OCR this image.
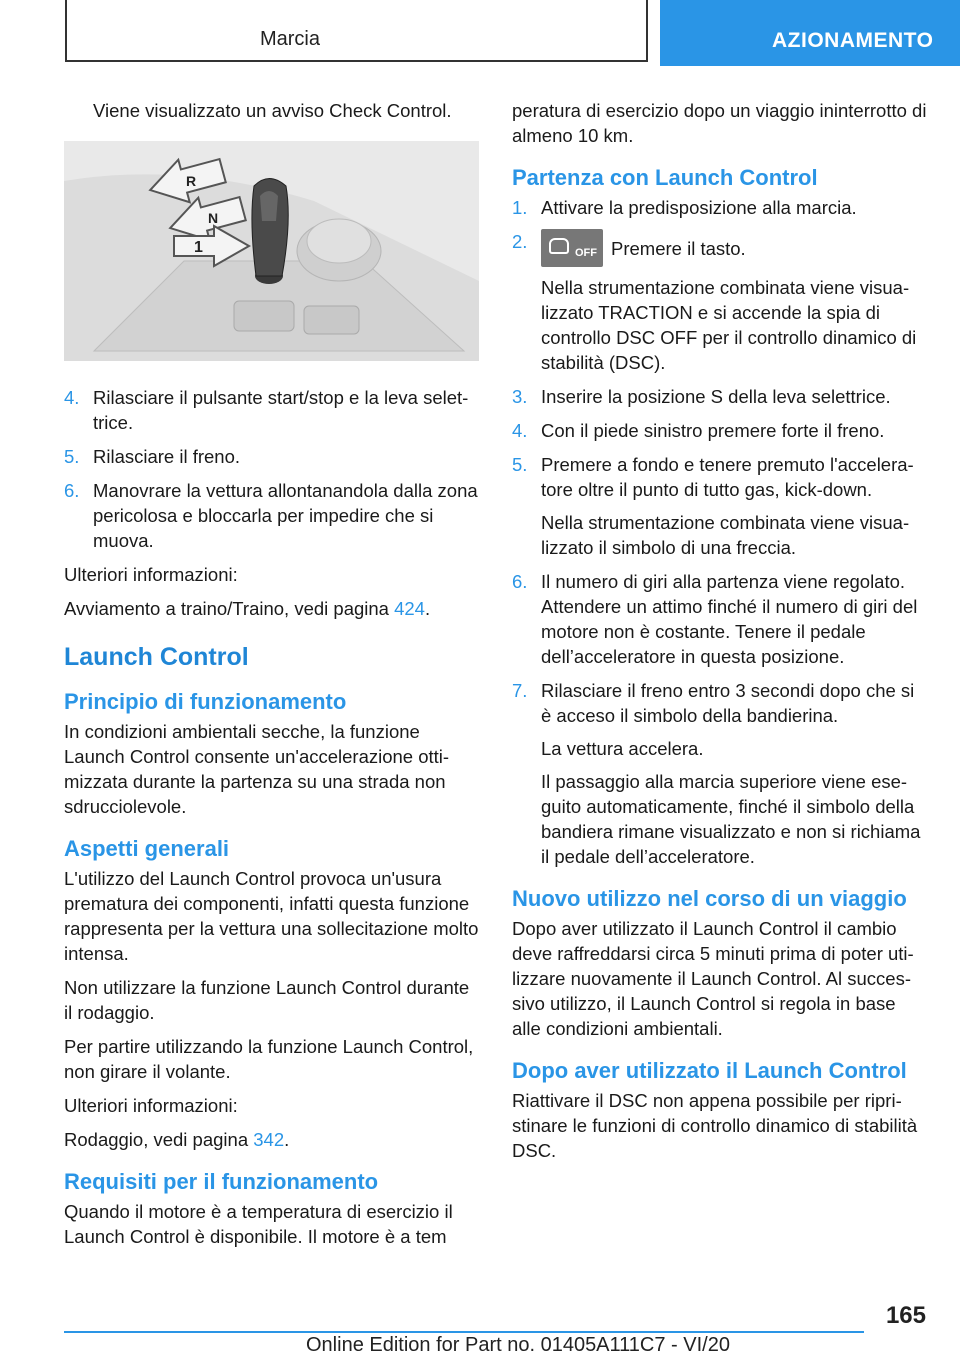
Marcia	AZIONAMENTO

Viene visualizzato un avviso Check Control.

R
N
1
4. Rilasciare il pulsante start/stop e la leva selettrice.
5. Rilasciare il freno.
6. Manovrare la vettura allontanandola dalla zona pericolosa e bloccarla per impedire che si muova.

Ulteriori informazioni:

Avviamento a traino/Traino, vedi pagina 424.

Launch Control
Principio di funzionamento

In condizioni ambientali secche, la funzione Launch Control consente un'accelerazione ottimizzata durante la partenza su una strada non sdrucciolevole.

Aspetti generali

L'utilizzo del Launch Control provoca un'usura prematura dei componenti, infatti questa funzione rappresenta per la vettura una sollecitazione molto intensa.

Non utilizzare la funzione Launch Control durante il rodaggio.

Per partire utilizzando la funzione Launch Control, non girare il volante.

Ulteriori informazioni:

Rodaggio, vedi pagina 342.

Requisiti per il funzionamento

Quando il motore è a temperatura di esercizio il Launch Control è disponibile. Il motore è a tem

peratura di esercizio dopo un viaggio ininterrotto di almeno 10 km.

Partenza con Launch Control
1. Attivare la predisposizione alla marcia.
2.
OFF Premere il tasto.
Nella strumentazione combinata viene visualizzato TRACTION e si accende la spia di controllo DSC OFF per il controllo dinamico di stabilità (DSC).
3. Inserire la posizione S della leva selettrice.
4. Con il piede sinistro premere forte il freno.
5. Premere a fondo e tenere premuto l'acceleratore oltre il punto di tutto gas, kick-down.
Nella strumentazione combinata viene visualizzato il simbolo di una freccia.
6. Il numero di giri alla partenza viene regolato. Attendere un attimo finché il numero di giri del motore non è costante. Tenere il pedale dell’acceleratore in questa posizione.
7. Rilasciare il freno entro 3 secondi dopo che si è acceso il simbolo della bandierina.
La vettura accelera.
Il passaggio alla marcia superiore viene eseguito automaticamente, finché il simbolo della bandiera rimane visualizzato e non si richiama il pedale dell’acceleratore.
Nuovo utilizzo nel corso di un viaggio

Dopo aver utilizzato il Launch Control il cambio deve raffreddarsi circa 5 minuti prima di poter utilizzare nuovamente il Launch Control. Al successivo utilizzo, il Launch Control si regola in base alle condizioni ambientali.

Dopo aver utilizzato il Launch Control

Riattivare il DSC non appena possibile per ripristinare le funzioni di controllo dinamico di stabilità DSC.

165
Online Edition for Part no. 01405A111C7 - VI/20
